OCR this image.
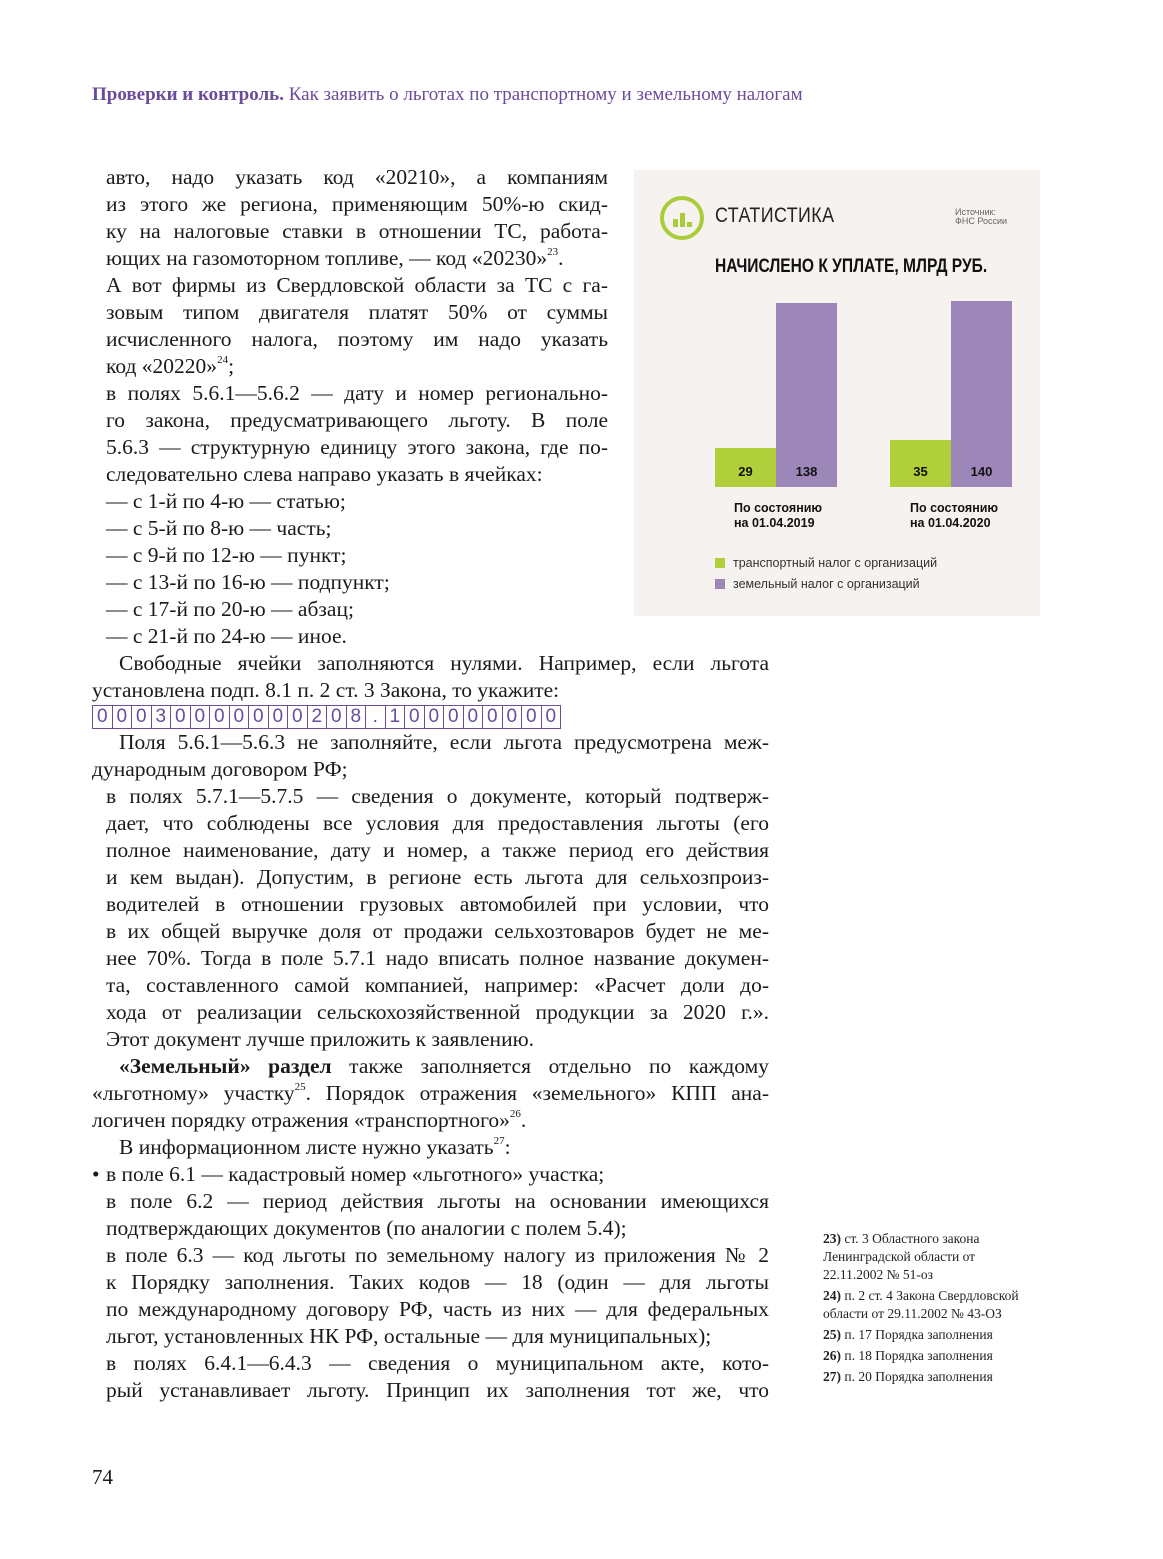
Проверки и контроль. Как заявить о льготах по транспортному и земельному налогам
авто, надо указать код «20210», а компаниям
из этого же региона, применяющим 50%-ю скид-
ку на налоговые ставки в отношении ТС, работа-
ющих на газомоторном топливе, — код «20230»$^{23}$.
А вот фирмы из Свердловской области за ТС с га-
зовым типом двигателя платят 50% от суммы
исчисленного налога, поэтому им надо указать
код «20220»$^{24}$;
• в полях 5.6.1—5.6.2 — дату и номер регионально-
го закона, предусматривающего льготу. В поле
5.6.3 — структурную единицу этого закона, где по-
следовательно слева направо указать в ячейках:
— с 1-й по 4-ю — статью;
— с 5-й по 8-ю — часть;
— с 9-й по 12-ю — пункт;
— с 13-й по 16-ю — подпункт;
— с 17-й по 20-ю — абзац;
— с 21-й по 24-ю — иное.
Свободные ячейки заполняются нулями. Например, если льгота
установлена подп. 8.1 п. 2 ст. 3 Закона, то укажите:
0 0 0 3 0 0 0 0 0 0 0 2 0 8 . 1 0 0 0 0 0 0 0 0
Поля 5.6.1—5.6.3 не заполняйте, если льгота предусмотрена меж-
дународным договором РФ;
• в полях 5.7.1—5.7.5 — сведения о документе, который подтверж-
дает, что соблюдены все условия для предоставления льготы (его
полное наименование, дату и номер, а также период его действия
и кем выдан). Допустим, в регионе есть льгота для сельхозпроиз-
водителей в отношении грузовых автомобилей при условии, что
в их общей выручке доля от продажи сельхозтоваров будет не ме-
нее 70%. Тогда в поле 5.7.1 надо вписать полное название докумен-
та, составленного самой компанией, например: «Расчет доли до-
хода от реализации сельскохозяйственной продукции за 2020 г.».
Этот документ лучше приложить к заявлению.
«Земельный» раздел также заполняется отдельно по каждому
«льготному» участку$^{25}$. Порядок отражения «земельного» КПП ана-
логичен порядку отражения «транспортного»$^{26}$.
В информационном листе нужно указать$^{27}$:
• в поле 6.1 — кадастровый номер «льготного» участка;
• в поле 6.2 — период действия льготы на основании имеющихся
подтверждающих документов (по аналогии с полем 5.4);
• в поле 6.3 — код льготы по земельному налогу из приложения № 2
к Порядку заполнения. Таких кодов — 18 (один — для льготы
по международному договору РФ, часть из них — для федеральных
льгот, установленных НК РФ, остальные — для муниципальных);
• в полях 6.4.1—6.4.3 — сведения о муниципальном акте, кото-
рый устанавливает льготу. Принцип их заполнения тот же, что
СТАТИСТИКА	Источник:
ФНС России
НАЧИСЛЕНО К УПЛАТЕ, МЛРД РУБ.
29	138	35	140
По состоянию
на 01.04.2019
По состоянию
на 01.04.2020
транспортный налог с организаций
земельный налог с организаций
23) ст. 3 Областного закона Ленинградской области от 22.11.2002 № 51-оз
24) п. 2 ст. 4 Закона Свердловской области от 29.11.2002 № 43-ОЗ
25) п. 17 Порядка заполнения
26) п. 18 Порядка заполнения
27) п. 20 Порядка заполнения
74
